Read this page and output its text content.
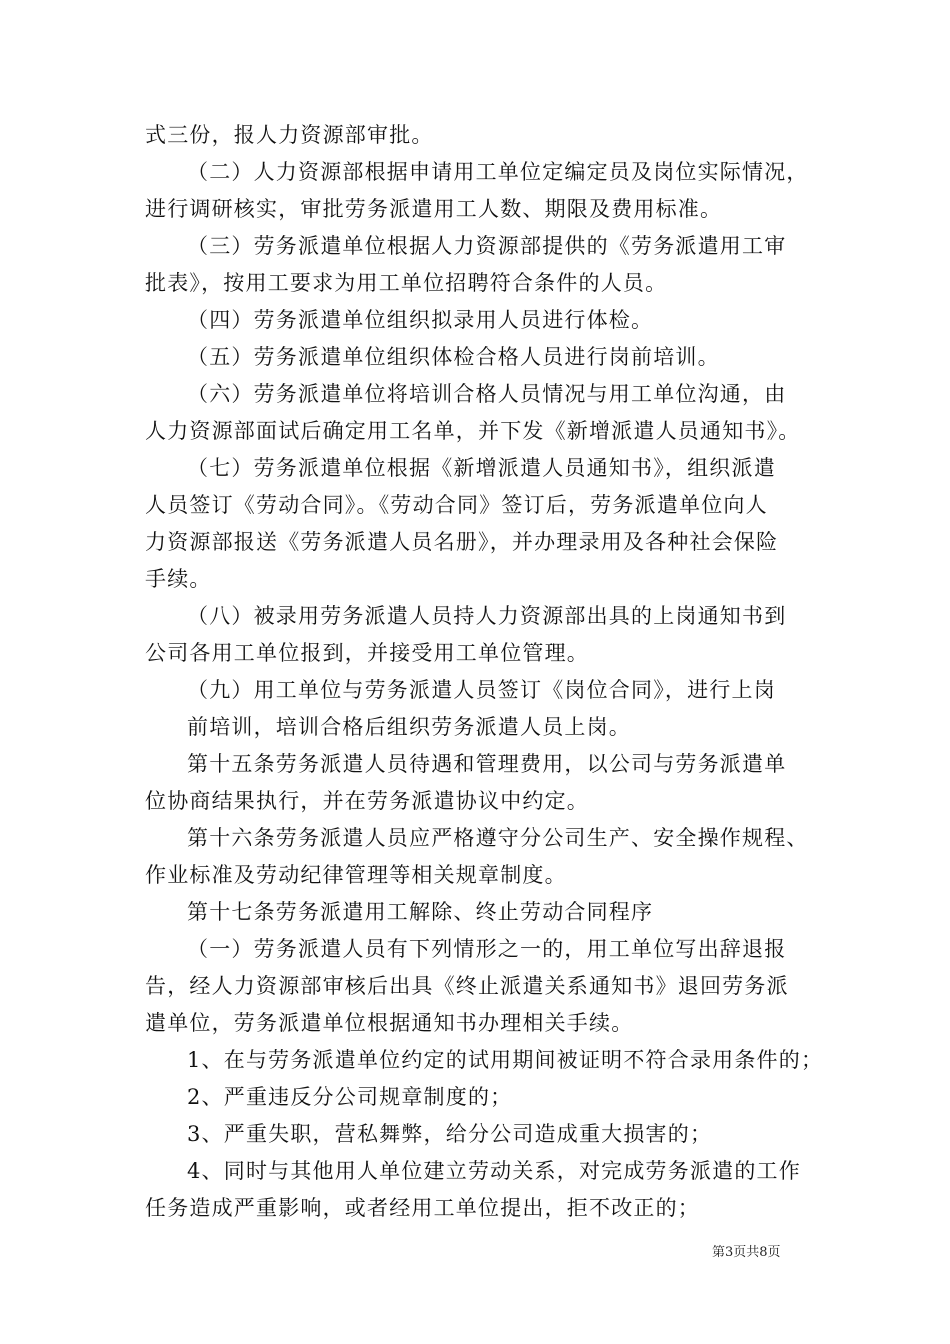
式三份，报人力资源部审批。
（二）人力资源部根据申请用工单位定编定员及岗位实际情况，
进行调研核实，审批劳务派遣用工人数、期限及费用标准。
（三）劳务派遣单位根据人力资源部提供的《劳务派遣用工审
批表》，按用工要求为用工单位招聘符合条件的人员。
（四）劳务派遣单位组织拟录用人员进行体检。
（五）劳务派遣单位组织体检合格人员进行岗前培训。
（六）劳务派遣单位将培训合格人员情况与用工单位沟通，由
人力资源部面试后确定用工名单，并下发《新增派遣人员通知书》。
（七）劳务派遣单位根据《新增派遣人员通知书》，组织派遣
人员签订《劳动合同》。《劳动合同》签订后，劳务派遣单位向人
力资源部报送《劳务派遣人员名册》，并办理录用及各种社会保险
手续。
（八）被录用劳务派遣人员持人力资源部出具的上岗通知书到
公司各用工单位报到，并接受用工单位管理。
（九）用工单位与劳务派遣人员签订《岗位合同》，进行上岗
前培训，培训合格后组织劳务派遣人员上岗。
第十五条劳务派遣人员待遇和管理费用，以公司与劳务派遣单
位协商结果执行，并在劳务派遣协议中约定。
第十六条劳务派遣人员应严格遵守分公司生产、安全操作规程、
作业标准及劳动纪律管理等相关规章制度。
第十七条劳务派遣用工解除、终止劳动合同程序
（一）劳务派遣人员有下列情形之一的，用工单位写出辞退报
告，经人力资源部审核后出具《终止派遣关系通知书》退回劳务派
遣单位，劳务派遣单位根据通知书办理相关手续。
1、在与劳务派遣单位约定的试用期间被证明不符合录用条件的；
2、严重违反分公司规章制度的；
3、严重失职，营私舞弊，给分公司造成重大损害的；
4、同时与其他用人单位建立劳动关系，对完成劳务派遣的工作
任务造成严重影响，或者经用工单位提出，拒不改正的；
第3页共8页
